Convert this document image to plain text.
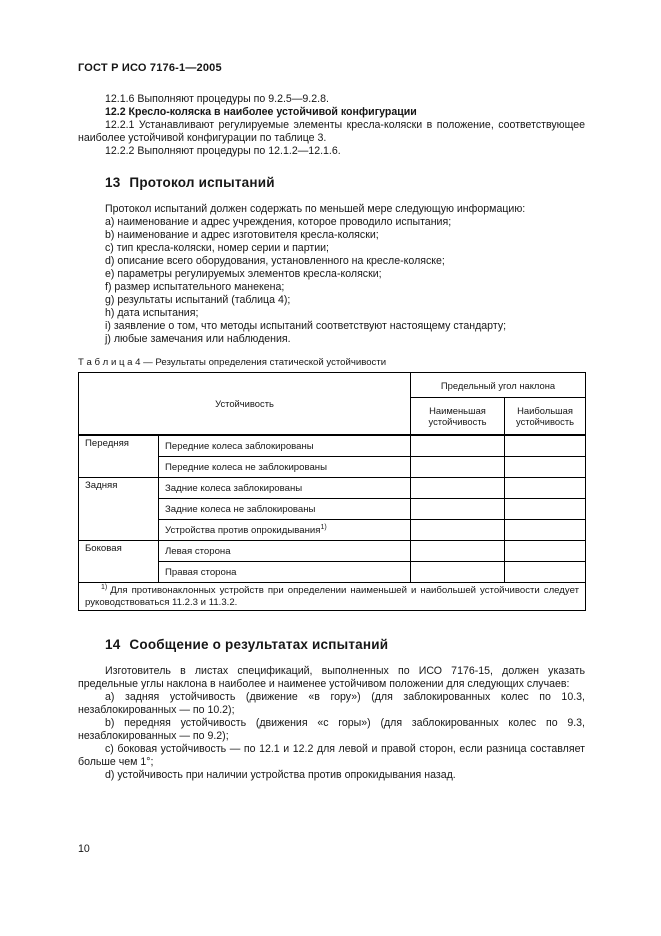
ГОСТ Р ИСО 7176-1—2005

12.1.6 Выполняют процедуры по 9.2.5—9.2.8.

12.2 Кресло-коляска в наиболее устойчивой конфигурации

12.2.1 Устанавливают регулируемые элементы кресла-коляски в положение, соответствующее наиболее устойчивой конфигурации по таблице 3.

12.2.2 Выполняют процедуры по 12.1.2—12.1.6.

13 Протокол испытаний

Протокол испытаний должен содержать по меньшей мере следующую информацию:

a) наименование и адрес учреждения, которое проводило испытания;

b) наименование и адрес изготовителя кресла-коляски;

c) тип кресла-коляски, номер серии и партии;

d) описание всего оборудования, установленного на кресле-коляске;

e) параметры регулируемых элементов кресла-коляски;

f) размер испытательного манекена;

g) результаты испытаний (таблица 4);

h) дата испытания;

i) заявление о том, что методы испытаний соответствуют настоящему стандарту;

j) любые замечания или наблюдения.

Т а б л и ц а 4 — Результаты определения статической устойчивости
Устойчивость		Предельный угол наклона	
		Наименьшая устойчивость	Наибольшая устойчивость
Передняя	Передние колеса заблокированы		
	Передние колеса не заблокированы		
Задняя	Задние колеса заблокированы		
	Задние колеса не заблокированы		
	Устройства против опрокидывания$^{1)}$		
Боковая	Левая сторона		
	Правая сторона		
$^{1)}$ Для противонаклонных устройств при определении наименьшей и наибольшей устойчивости следует руководствоваться 11.2.3 и 11.3.2.			
14 Сообщение о результатах испытаний

Изготовитель в листах спецификаций, выполненных по ИСО 7176-15, должен указать предельные углы наклона в наиболее и наименее устойчивом положении для следующих случаев:

a) задняя устойчивость (движение «в гору») (для заблокированных колес по 10.3, незаблокированных — по 10.2);

b) передняя устойчивость (движения «с горы») (для заблокированных колес по 9.3, незаблокированных — по 9.2);

c) боковая устойчивость — по 12.1 и 12.2 для левой и правой сторон, если разница составляет больше чем 1°;

d) устойчивость при наличии устройства против опрокидывания назад.

10
